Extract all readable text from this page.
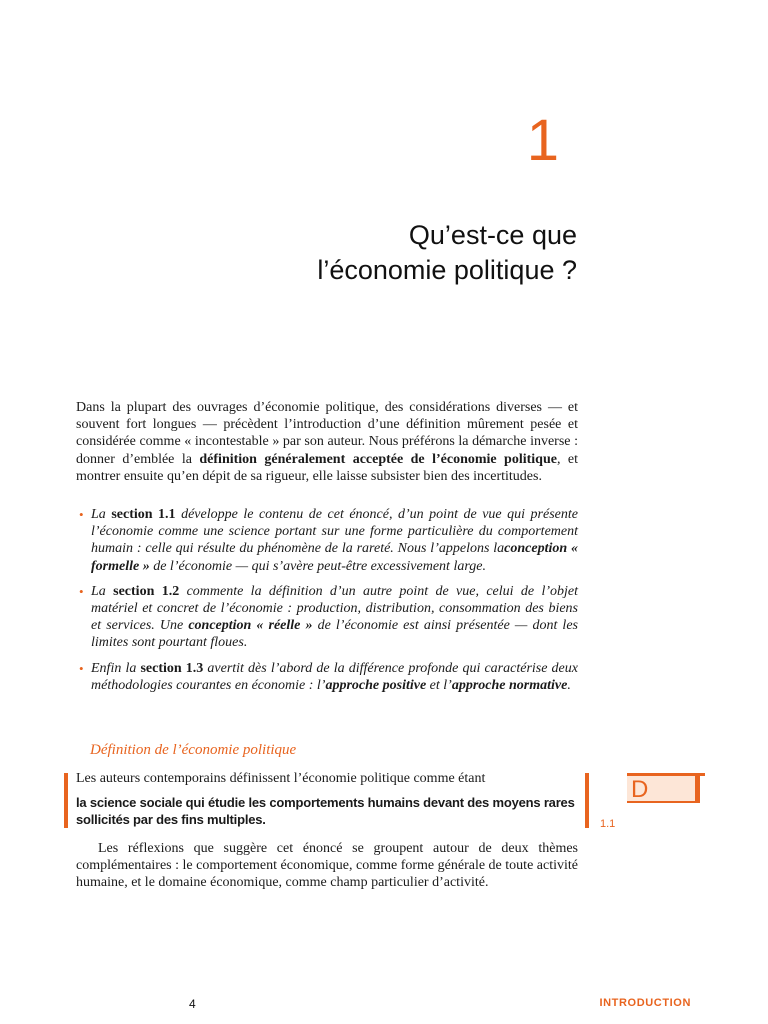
1
Qu’est-ce que
l’économie politique ?

Dans la plupart des ouvrages d’économie politique, des considérations diverses — et souvent fort longues — précèdent l’introduction d’une définition mûrement pesée et considérée comme « incontestable » par son auteur. Nous préférons la démarche inverse : donner d’emblée la définition généralement acceptée de l’économie politique, et montrer ensuite qu’en dépit de sa rigueur, elle laisse subsister bien des incertitudes.

• La section 1.1 développe le contenu de cet énoncé, d’un point de vue qui présente l’économie comme une science portant sur une forme particulière du comportement humain : celle qui résulte du phénomène de la rareté. Nous l’appelons laconception « formelle » de l’économie — qui s’avère peut-être excessivement large.
• La section 1.2 commente la définition d’un autre point de vue, celui de l’objet matériel et concret de l’économie : production, distribution, consommation des biens et services. Une conception « réelle » de l’économie est ainsi présentée — dont les limites sont pourtant floues.
• Enfin la section 1.3 avertit dès l’abord de la différence profonde qui caractérise deux méthodologies courantes en économie : l’approche positive et l’approche normative.
Définition de l’économie politique

Les auteurs contemporains définissent l’économie politique comme étant

la science sociale qui étudie les comportements humains devant des moyens rares sollicités par des fins multiples.

Les réflexions que suggère cet énoncé se groupent autour de deux thèmes complémentaires : le comportement économique, comme forme générale de toute activité humaine, et le domaine économique, comme champ particulier d’activité.

D
1.1
4	INTRODUCTION
